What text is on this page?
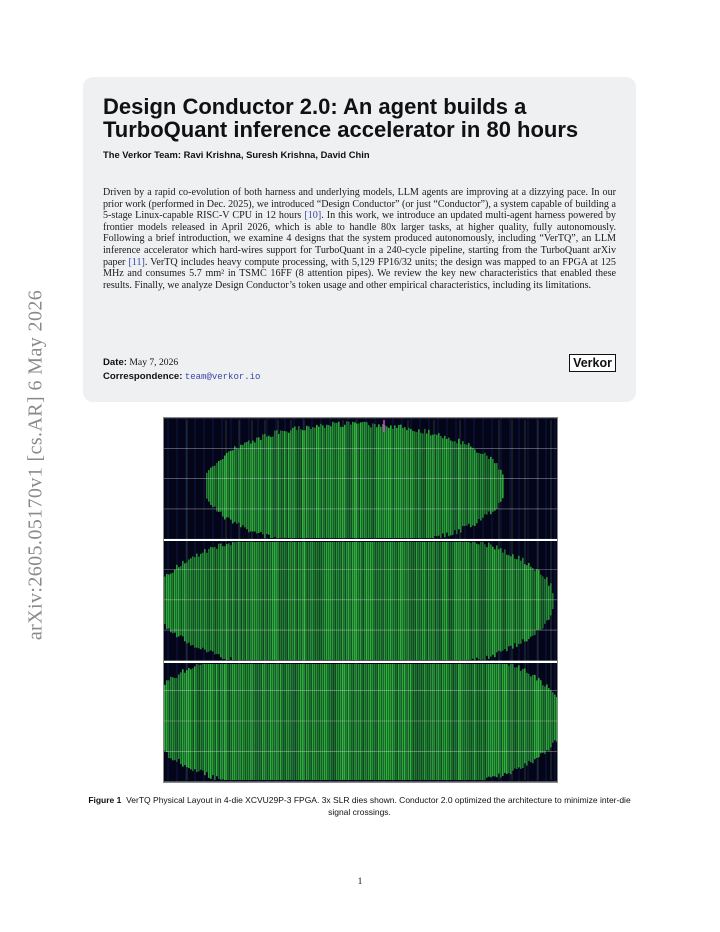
arXiv:2605.05170v1 [cs.AR] 6 May 2026
Design Conductor 2.0: An agent builds a TurboQuant inference accelerator in 80 hours
The Verkor Team: Ravi Krishna, Suresh Krishna, David Chin
Driven by a rapid co-evolution of both harness and underlying models, LLM agents are improving at a dizzying pace. In our prior work (performed in Dec. 2025), we introduced “Design Conductor” (or just “Conductor”), a system capable of building a 5-stage Linux-capable RISC-V CPU in 12 hours [10]. In this work, we introduce an updated multi-agent harness powered by frontier models released in April 2026, which is able to handle 80x larger tasks, at higher quality, fully autonomously. Following a brief introduction, we examine 4 designs that the system produced autonomously, including “VerTQ”, an LLM inference accelerator which hard-wires support for TurboQuant in a 240-cycle pipeline, starting from the TurboQuant arXiv paper [11]. VerTQ includes heavy compute processing, with 5,129 FP16/32 units; the design was mapped to an FPGA at 125 MHz and consumes 5.7 mm² in TSMC 16FF (8 attention pipes). We review the key new characteristics that enabled these results. Finally, we analyze Design Conductor’s token usage and other empirical characteristics, including its limitations.
Date: May 7, 2026
Correspondence: team@verkor.io
Verkor
Figure 1 VerTQ Physical Layout in 4-die XCVU29P-3 FPGA. 3x SLR dies shown. Conductor 2.0 optimized the architecture to minimize inter-die signal crossings.
1
